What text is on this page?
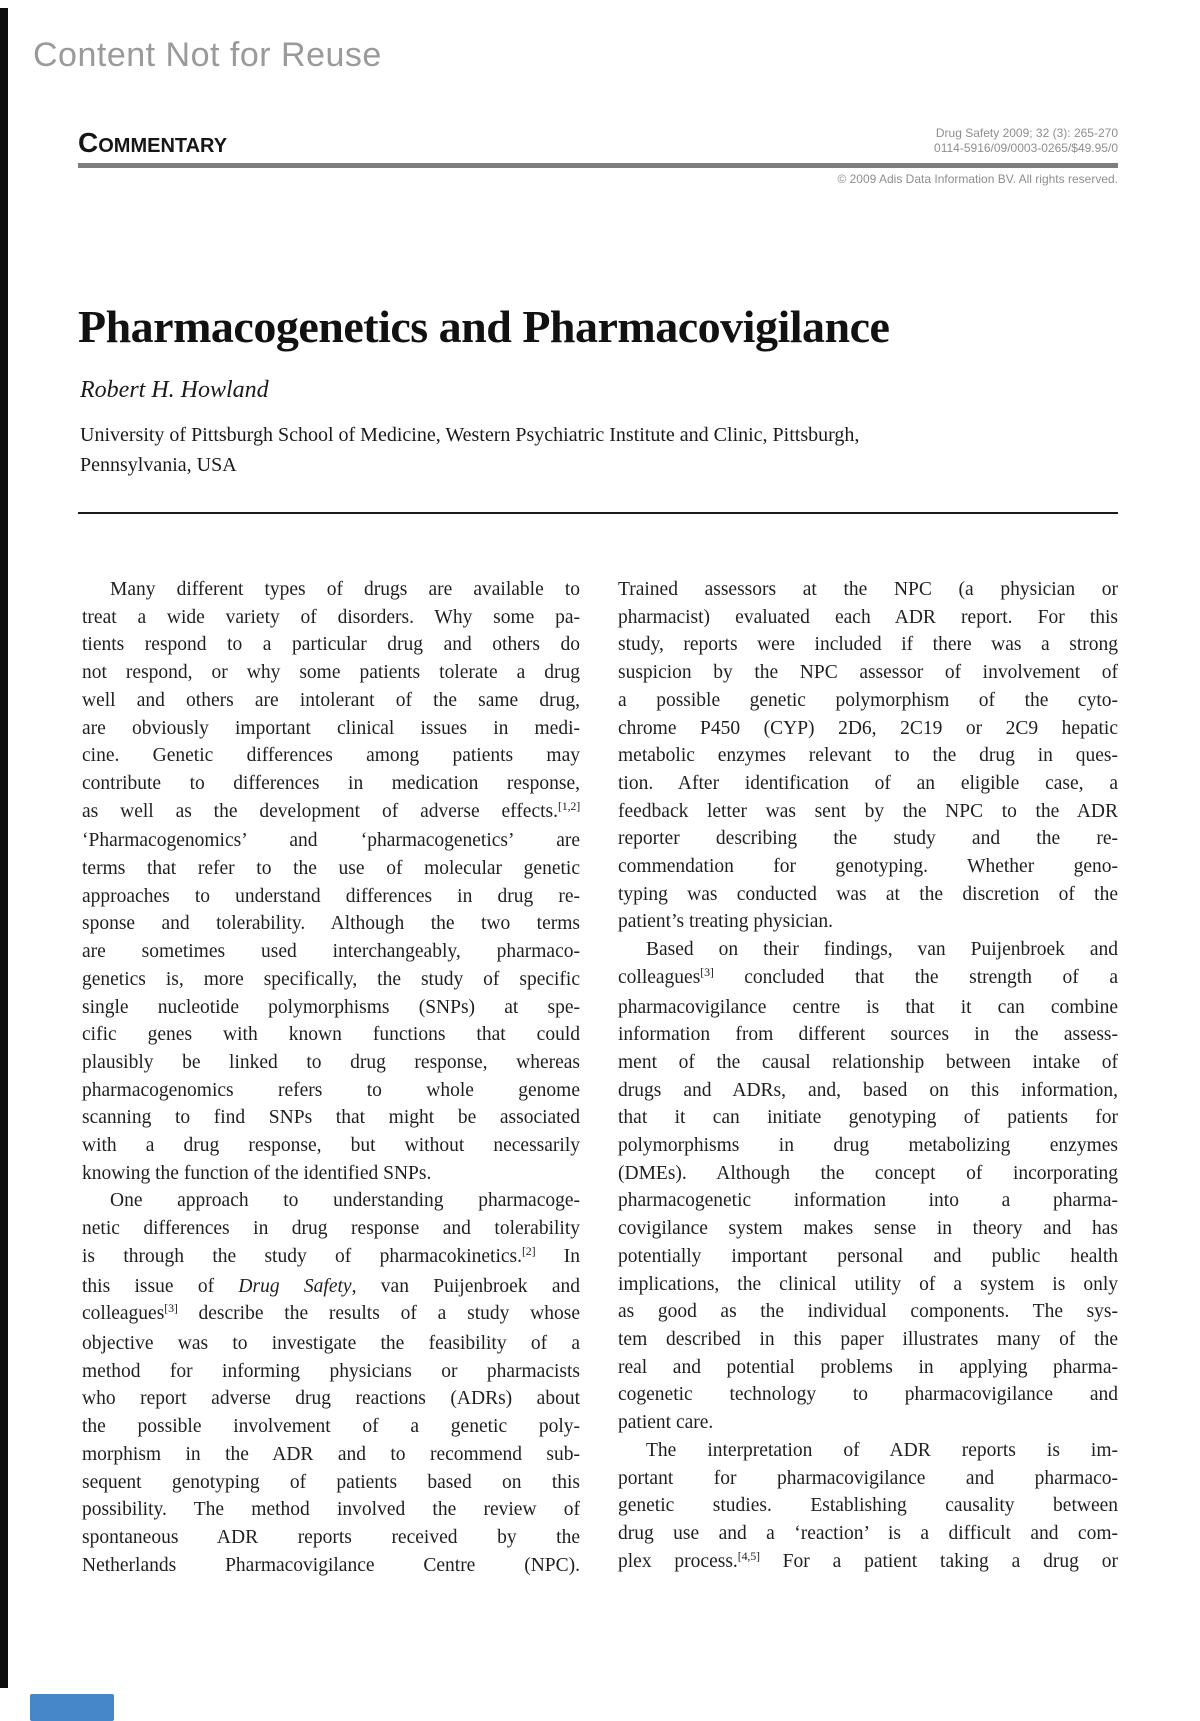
Content Not for Reuse
Commentary	Drug Safety 2009; 32 (3): 265-270
0114-5916/09/0003-0265/$49.95/0
© 2009 Adis Data Information BV. All rights reserved.
Pharmacogenetics and Pharmacovigilance
Robert H. Howland
University of Pittsburgh School of Medicine, Western Psychiatric Institute and Clinic, Pittsburgh,
Pennsylvania, USA
Many different types of drugs are available to
treat a wide variety of disorders. Why some pa-
tients respond to a particular drug and others do
not respond, or why some patients tolerate a drug
well and others are intolerant of the same drug,
are obviously important clinical issues in medi-
cine. Genetic differences among patients may
contribute to differences in medication response,
as well as the development of adverse effects.[1,2]
‘Pharmacogenomics’ and ‘pharmacogenetics’ are
terms that refer to the use of molecular genetic
approaches to understand differences in drug re-
sponse and tolerability. Although the two terms
are sometimes used interchangeably, pharmaco-
genetics is, more specifically, the study of specific
single nucleotide polymorphisms (SNPs) at spe-
cific genes with known functions that could
plausibly be linked to drug response, whereas
pharmacogenomics refers to whole genome
scanning to find SNPs that might be associated
with a drug response, but without necessarily
knowing the function of the identified SNPs.
One approach to understanding pharmacoge-
netic differences in drug response and tolerability
is through the study of pharmacokinetics.[2] In
this issue of Drug Safety, van Puijenbroek and
colleagues[3] describe the results of a study whose
objective was to investigate the feasibility of a
method for informing physicians or pharmacists
who report adverse drug reactions (ADRs) about
the possible involvement of a genetic poly-
morphism in the ADR and to recommend sub-
sequent genotyping of patients based on this
possibility. The method involved the review of
spontaneous ADR reports received by the
Netherlands Pharmacovigilance Centre (NPC).
Trained assessors at the NPC (a physician or
pharmacist) evaluated each ADR report. For this
study, reports were included if there was a strong
suspicion by the NPC assessor of involvement of
a possible genetic polymorphism of the cyto-
chrome P450 (CYP) 2D6, 2C19 or 2C9 hepatic
metabolic enzymes relevant to the drug in ques-
tion. After identification of an eligible case, a
feedback letter was sent by the NPC to the ADR
reporter describing the study and the re-
commendation for genotyping. Whether geno-
typing was conducted was at the discretion of the
patient’s treating physician.
Based on their findings, van Puijenbroek and
colleagues[3] concluded that the strength of a
pharmacovigilance centre is that it can combine
information from different sources in the assess-
ment of the causal relationship between intake of
drugs and ADRs, and, based on this information,
that it can initiate genotyping of patients for
polymorphisms in drug metabolizing enzymes
(DMEs). Although the concept of incorporating
pharmacogenetic information into a pharma-
covigilance system makes sense in theory and has
potentially important personal and public health
implications, the clinical utility of a system is only
as good as the individual components. The sys-
tem described in this paper illustrates many of the
real and potential problems in applying pharma-
cogenetic technology to pharmacovigilance and
patient care.
The interpretation of ADR reports is im-
portant for pharmacovigilance and pharmaco-
genetic studies. Establishing causality between
drug use and a ‘reaction’ is a difficult and com-
plex process.[4,5] For a patient taking a drug or
